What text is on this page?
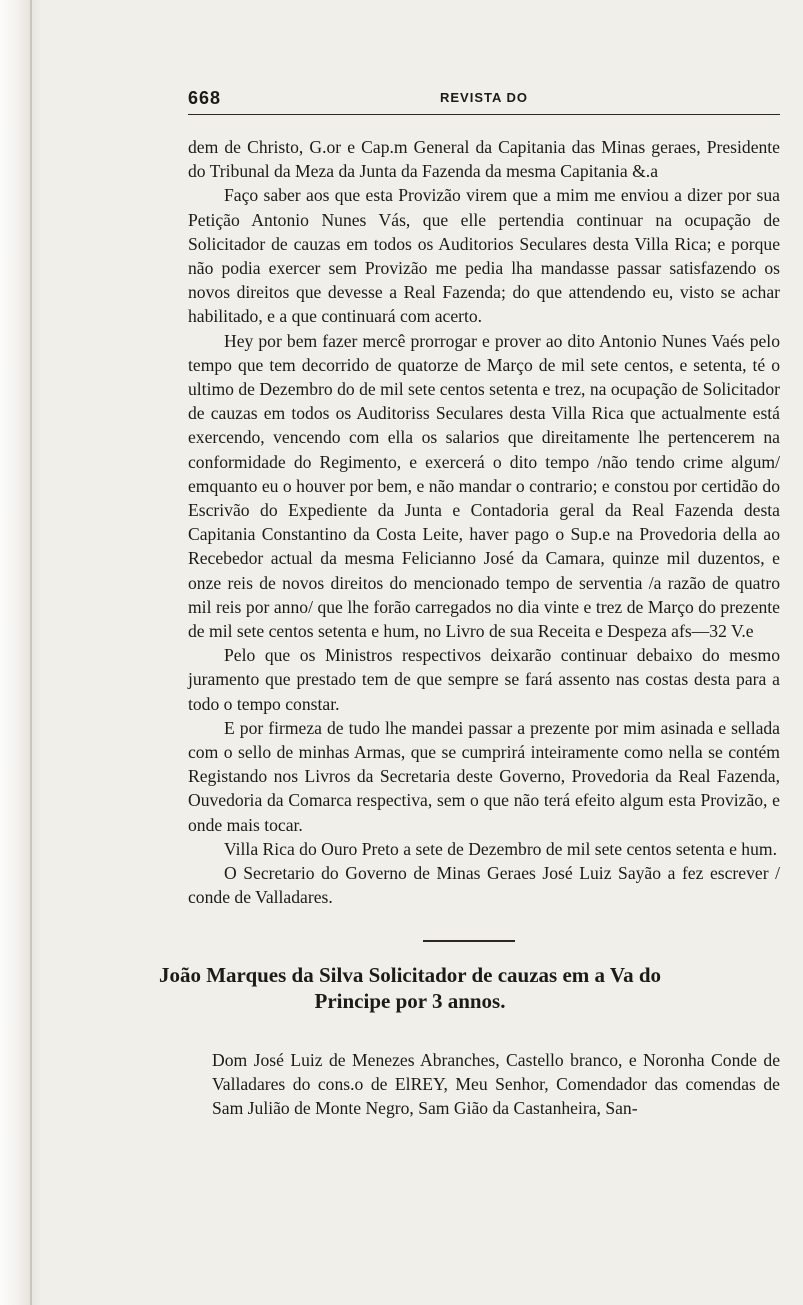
668	REVISTA DO

dem de Christo, G.or e Cap.m General da Capitania das Minas geraes, Presidente do Tribunal da Meza da Junta da Fazenda da mesma Capitania &.a

Faço saber aos que esta Provizão virem que a mim me enviou a dizer por sua Petição Antonio Nunes Vás, que elle pertendia continuar na ocupação de Solicitador de cauzas em todos os Auditorios Seculares desta Villa Rica; e porque não podia exercer sem Provizão me pedia lha mandasse passar satisfazendo os novos direitos que devesse a Real Fazenda; do que attendendo eu, visto se achar habilitado, e a que continuará com acerto.

Hey por bem fazer mercê prorrogar e prover ao dito Antonio Nunes Vaés pelo tempo que tem decorrido de quatorze de Março de mil sete centos, e setenta, té o ultimo de Dezembro do de mil sete centos setenta e trez, na ocupação de Solicitador de cauzas em todos os Auditoriss Seculares desta Villa Rica que actualmente está exercendo, vencendo com ella os salarios que direitamente lhe pertencerem na conformidade do Regimento, e exercerá o dito tempo /não tendo crime algum/ emquanto eu o houver por bem, e não mandar o contrario; e constou por certidão do Escrivão do Expediente da Junta e Contadoria geral da Real Fazenda desta Capitania Constantino da Costa Leite, haver pago o Sup.e na Provedoria della ao Recebedor actual da mesma Felicianno José da Camara, quinze mil duzentos, e onze reis de novos direitos do mencionado tempo de serventia /a razão de quatro mil reis por anno/ que lhe forão carregados no dia vinte e trez de Março do prezente de mil sete centos setenta e hum, no Livro de sua Receita e Despeza afs—32 V.e

Pelo que os Ministros respectivos deixarão continuar debaixo do mesmo juramento que prestado tem de que sempre se fará assento nas costas desta para a todo o tempo constar.

E por firmeza de tudo lhe mandei passar a prezente por mim asinada e sellada com o sello de minhas Armas, que se cumprirá inteiramente como nella se contém Registando nos Livros da Secretaria deste Governo, Provedoria da Real Fazenda, Ouvedoria da Comarca respectiva, sem o que não terá efeito algum esta Provizão, e onde mais tocar.

Villa Rica do Ouro Preto a sete de Dezembro de mil sete centos setenta e hum.

O Secretario do Governo de Minas Geraes José Luiz Sayão a fez escrever / conde de Valladares.

João Marques da Silva Solicitador de cauzas em a Va do
Principe por 3 annos.

Dom José Luiz de Menezes Abranches, Castello branco, e Noronha Conde de Valladares do cons.o de ElREY, Meu Senhor, Comendador das comendas de Sam Julião de Monte Negro, Sam Gião da Castanheira, San-
